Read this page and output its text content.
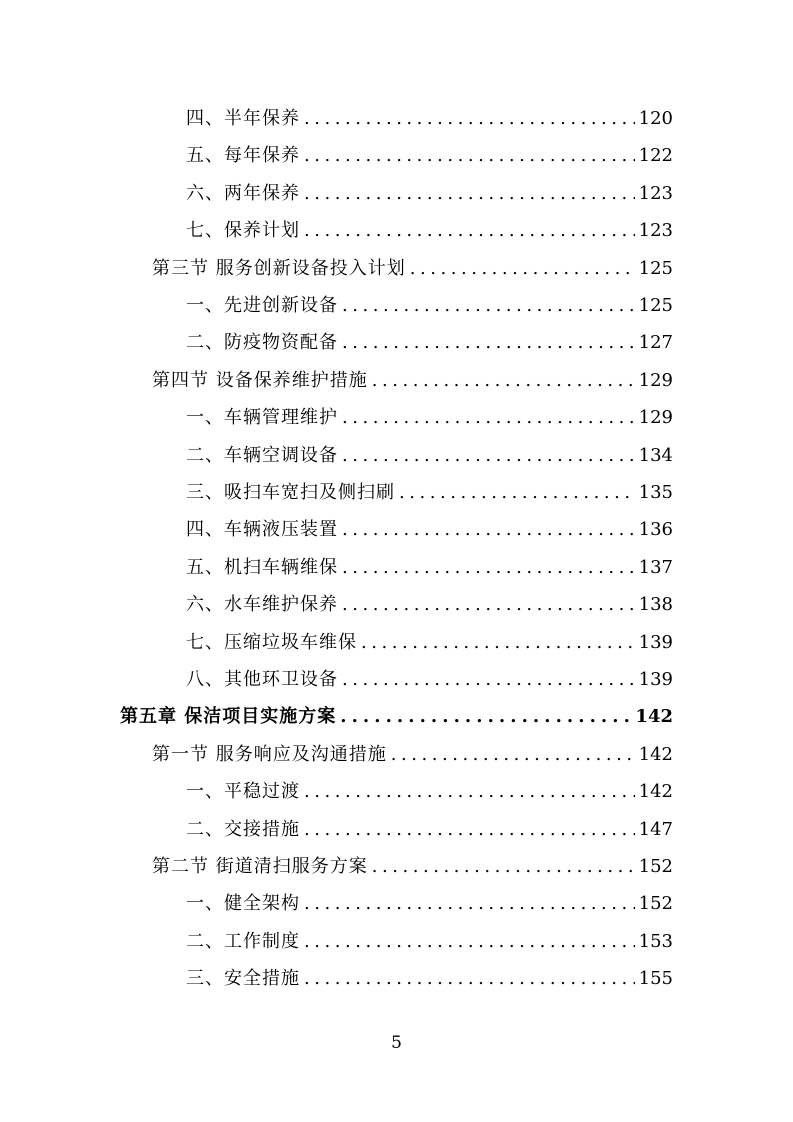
四、半年保养 . . .	120
五、每年保养 . . .	122
六、两年保养 . . .	123
七、保养计划 . . .	123
第三节 服务创新设备投入计划 . . .	125
一、先进创新设备 . . .	125
二、防疫物资配备 . . .	127
第四节 设备保养维护措施 . . .	129
一、车辆管理维护 . . .	129
二、车辆空调设备 . . .	134
三、吸扫车宽扫及侧扫刷 . . .	135
四、车辆液压装置 . . .	136
五、机扫车辆维保 . . .	137
六、水车维护保养 . . .	138
七、压缩垃圾车维保 . . .	139
八、其他环卫设备 . . .	139
第五章 保洁项目实施方案 . . .	142
第一节 服务响应及沟通措施 . . .	142
一、平稳过渡 . . .	142
二、交接措施 . . .	147
第二节 街道清扫服务方案 . . .	152
一、健全架构 . . .	152
二、工作制度 . . .	153
三、安全措施 . . .	155
5
